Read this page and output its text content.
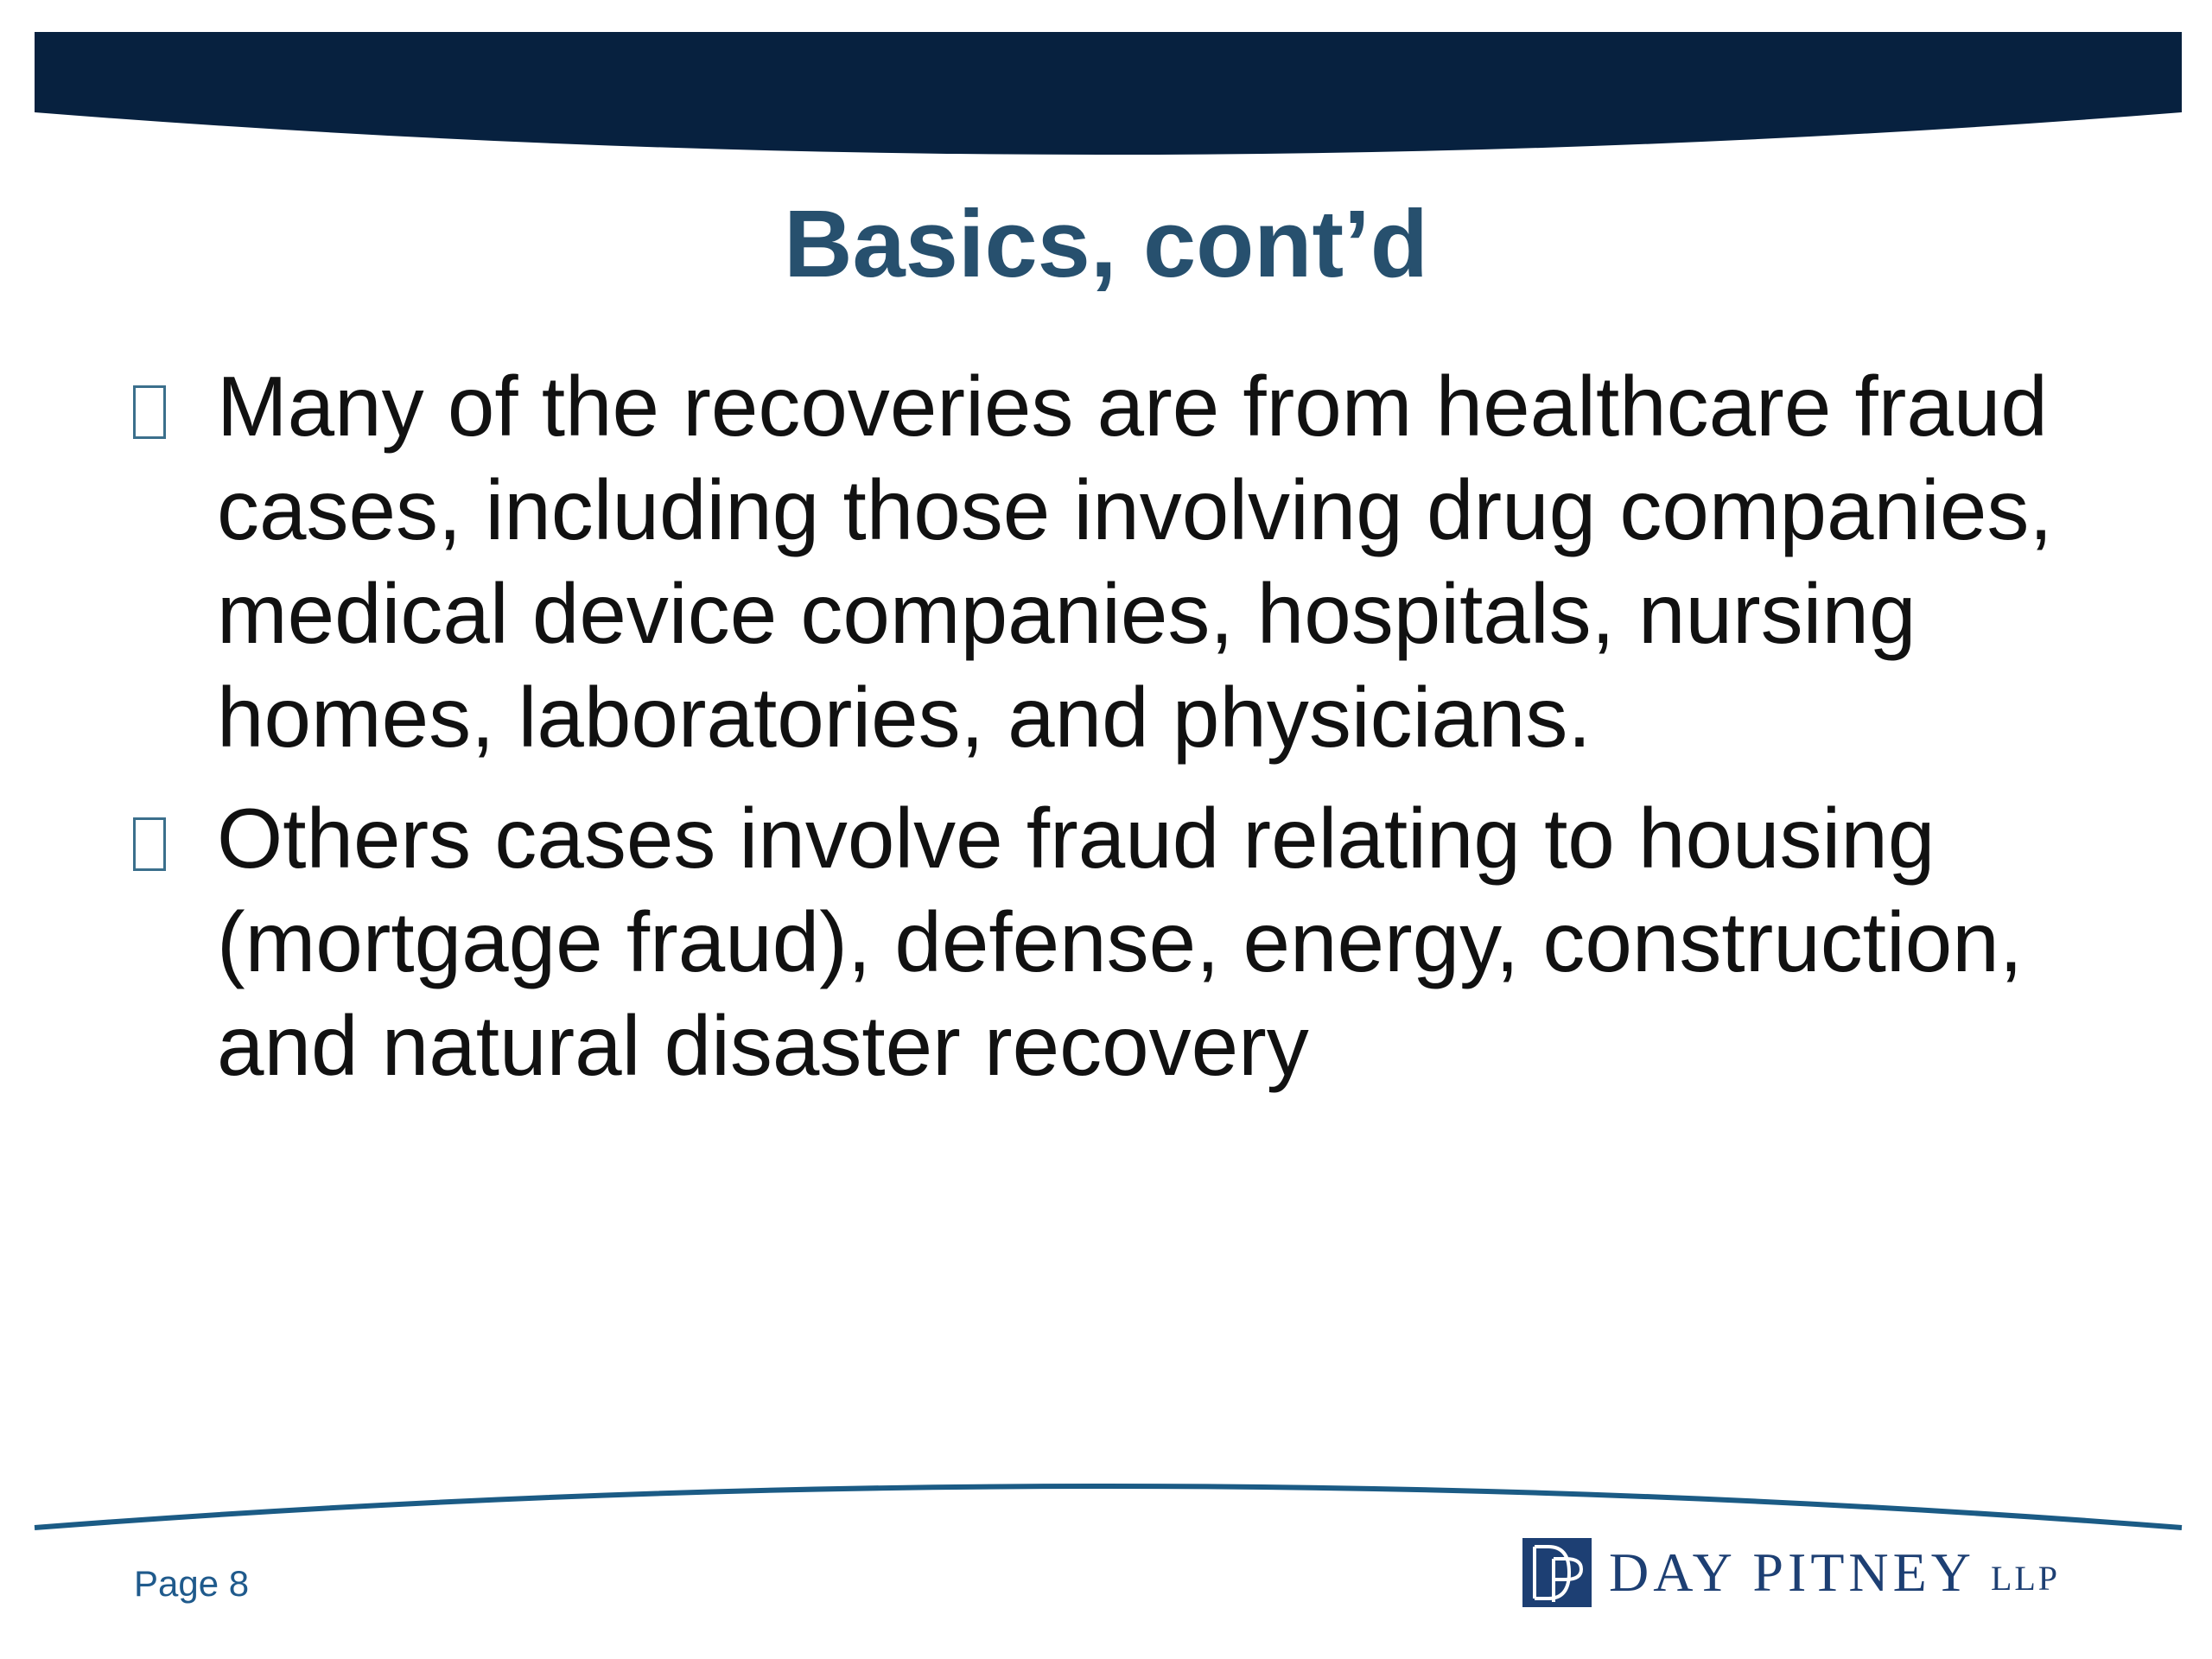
Basics, cont’d
Many of the recoveries are from healthcare fraud cases, including those involving drug companies, medical device companies, hospitals, nursing homes, laboratories, and physicians.
Others cases involve fraud relating to housing (mortgage fraud), defense, energy, construction, and natural disaster recovery
Page 8	DAY PITNEY LLP
